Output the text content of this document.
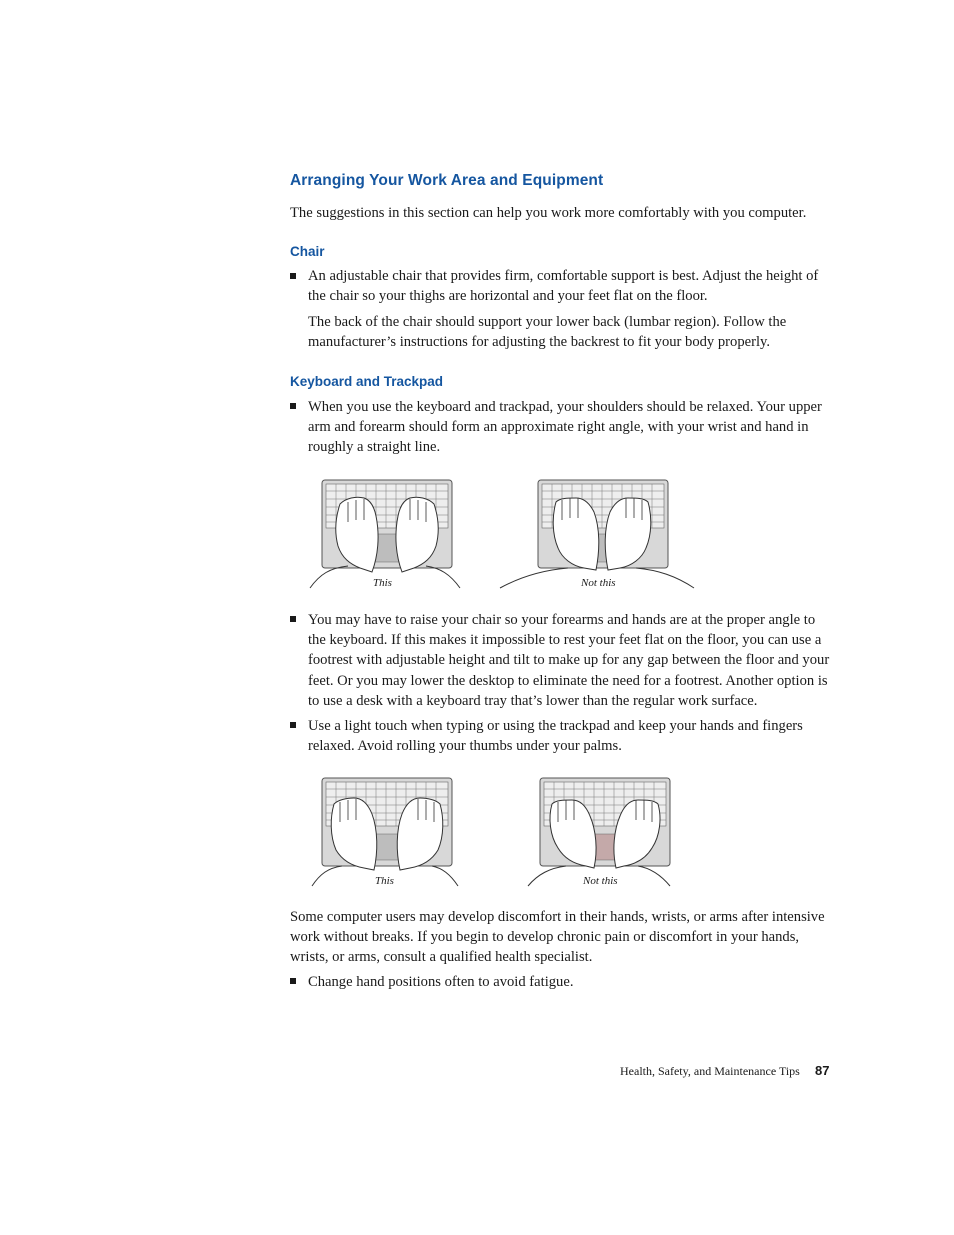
Arranging Your Work Area and Equipment

The suggestions in this section can help you work more comfortably with you computer.

Chair

An adjustable chair that provides firm, comfortable support is best. Adjust the height of the chair so your thighs are horizontal and your feet flat on the floor.

The back of the chair should support your lower back (lumbar region). Follow the manufacturer’s instructions for adjusting the backrest to fit your body properly.

Keyboard and Trackpad

When you use the keyboard and trackpad, your shoulders should be relaxed. Your upper arm and forearm should form an approximate right angle, with your wrist and hand in roughly a straight line.

This	Not this

You may have to raise your chair so your forearms and hands are at the proper angle to the keyboard. If this makes it impossible to rest your feet flat on the floor, you can use a footrest with adjustable height and tilt to make up for any gap between the floor and your feet. Or you may lower the desktop to eliminate the need for a footrest. Another option is to use a desk with a keyboard tray that’s lower than the regular work surface.

Use a light touch when typing or using the trackpad and keep your hands and fingers relaxed. Avoid rolling your thumbs under your palms.

This	Not this

Some computer users may develop discomfort in their hands, wrists, or arms after intensive work without breaks. If you begin to develop chronic pain or discomfort in your hands, wrists, or arms, consult a qualified health specialist.

Change hand positions often to avoid fatigue.

Health, Safety, and Maintenance Tips 87
